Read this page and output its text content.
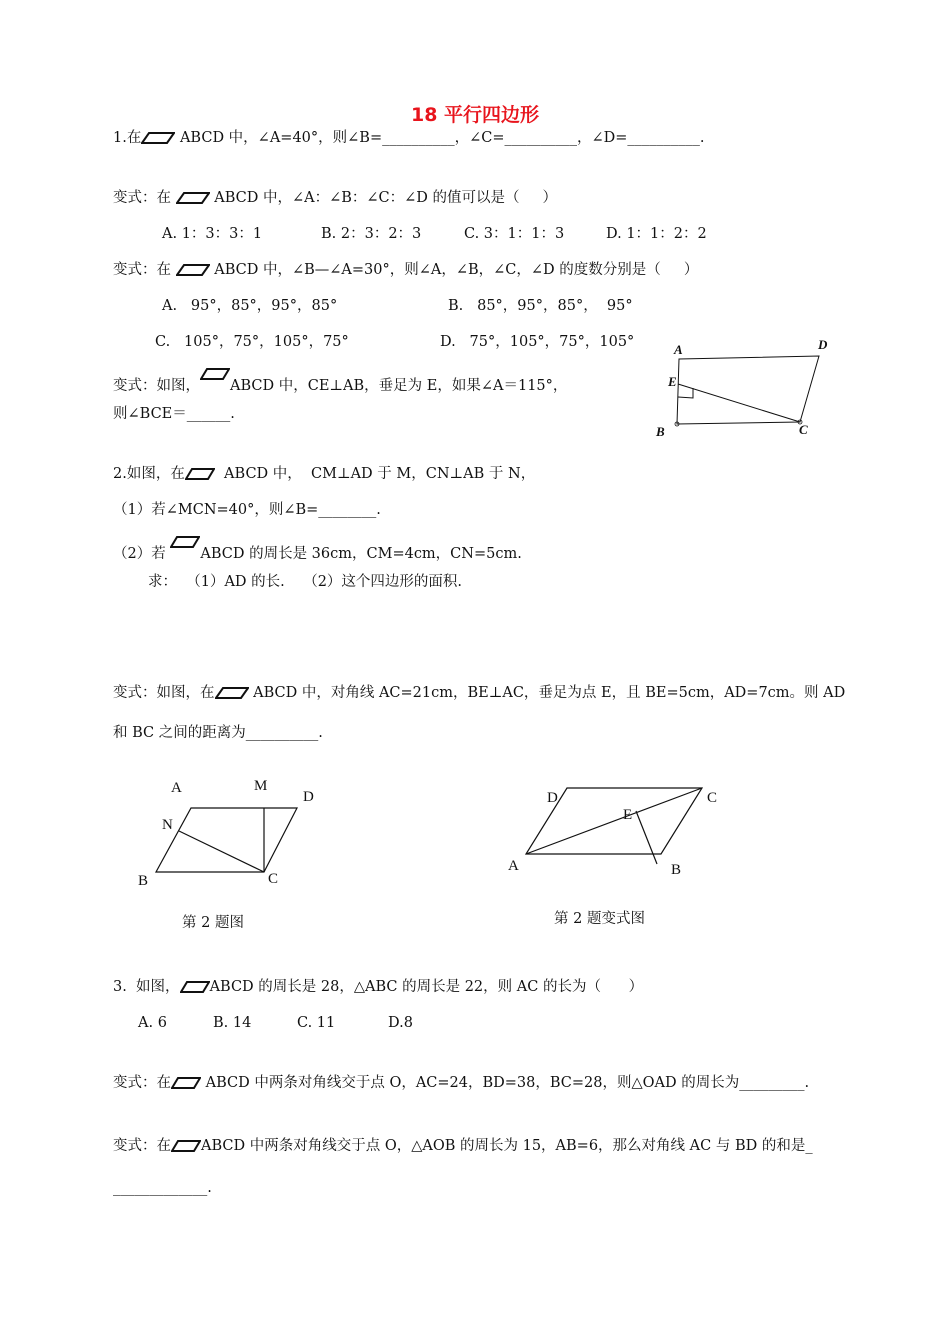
18 平行四边形
1.在 ABCD 中，∠A=40°，则∠B=__________，∠C=__________，∠D=__________.
变式：在  ABCD 中，∠A：∠B：∠C：∠D 的值可以是（     ）
A. 1：3：3：1	B. 2：3：2：3	C. 3：1：1：3	D. 1：1：2：2
变式：在  ABCD 中，∠B—∠A=30°，则∠A，∠B，∠C，∠D 的度数分别是（     ）
A.   95°，85°，95°，85°	B.   85°，95°，85°，  95°
C.   105°，75°，105°，75°	D.   75°，105°，75°，105°
变式：如图， ABCD 中，CE⊥AB，垂足为 E，如果∠A＝115°，
则∠BCE＝______.
A	D
E
B	C
2.如图，在  ABCD 中，  CM⊥AD 于 M，CN⊥AB 于 N，
（1）若∠MCN=40°，则∠B=________.
（2）若 ABCD 的周长是 36cm，CM=4cm，CN=5cm.
求：  （1）AD 的长.    （2）这个四边形的面积.
变式：如图，在 ABCD 中，对角线 AC=21cm，BE⊥AC，垂足为点 E，且 BE=5cm，AD=7cm。则 AD
和 BC 之间的距离为__________.
A	M
D
N
B	C
第 2 题图
D	C
E
A	B
第 2 题变式图
3.  如图， ABCD 的周长是 28，△ABC 的周长是 22，则 AC 的长为（      ）
A. 6	B. 14	C. 11	D.8
变式：在 ABCD 中两条对角线交于点 O，AC=24，BD=38，BC=28，则△OAD 的周长为_________.
变式：在 ABCD 中两条对角线交于点 O，△AOB 的周长为 15，AB=6，那么对角线 AC 与 BD 的和是_
_____________.
